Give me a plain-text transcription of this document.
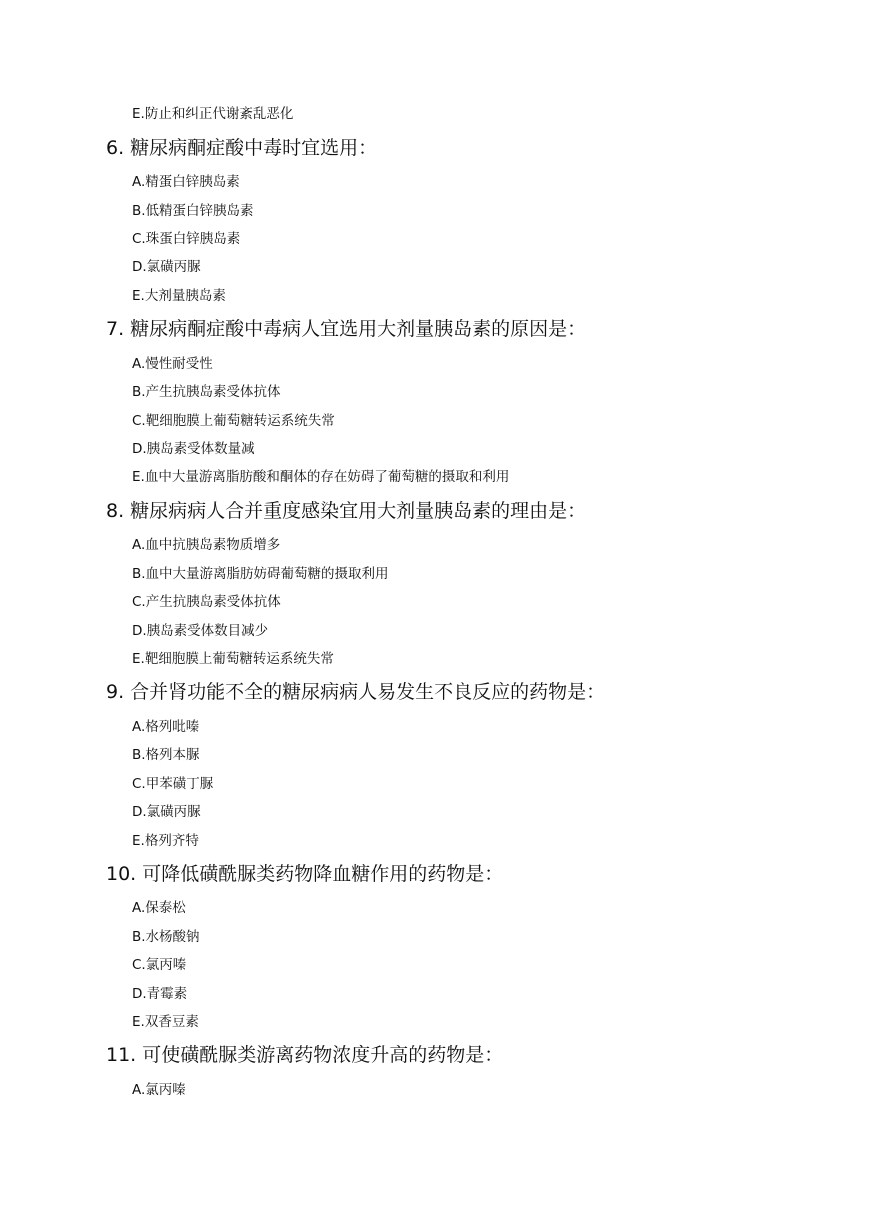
E.防止和纠正代谢紊乱恶化
6. 糖尿病酮症酸中毒时宜选用：
A.精蛋白锌胰岛素
B.低精蛋白锌胰岛素
C.珠蛋白锌胰岛素
D.氯磺丙脲
E.大剂量胰岛素
7. 糖尿病酮症酸中毒病人宜选用大剂量胰岛素的原因是：
A.慢性耐受性
B.产生抗胰岛素受体抗体
C.靶细胞膜上葡萄糖转运系统失常
D.胰岛素受体数量减
E.血中大量游离脂肪酸和酮体的存在妨碍了葡萄糖的摄取和利用
8. 糖尿病病人合并重度感染宜用大剂量胰岛素的理由是：
A.血中抗胰岛素物质增多
B.血中大量游离脂肪妨碍葡萄糖的摄取利用
C.产生抗胰岛素受体抗体
D.胰岛素受体数目减少
E.靶细胞膜上葡萄糖转运系统失常
9. 合并肾功能不全的糖尿病病人易发生不良反应的药物是：
A.格列吡嗪
B.格列本脲
C.甲苯磺丁脲
D.氯磺丙脲
E.格列齐特
10. 可降低磺酰脲类药物降血糖作用的药物是：
A.保泰松
B.水杨酸钠
C.氯丙嗪
D.青霉素
E.双香豆素
11. 可使磺酰脲类游离药物浓度升高的药物是：
A.氯丙嗪
